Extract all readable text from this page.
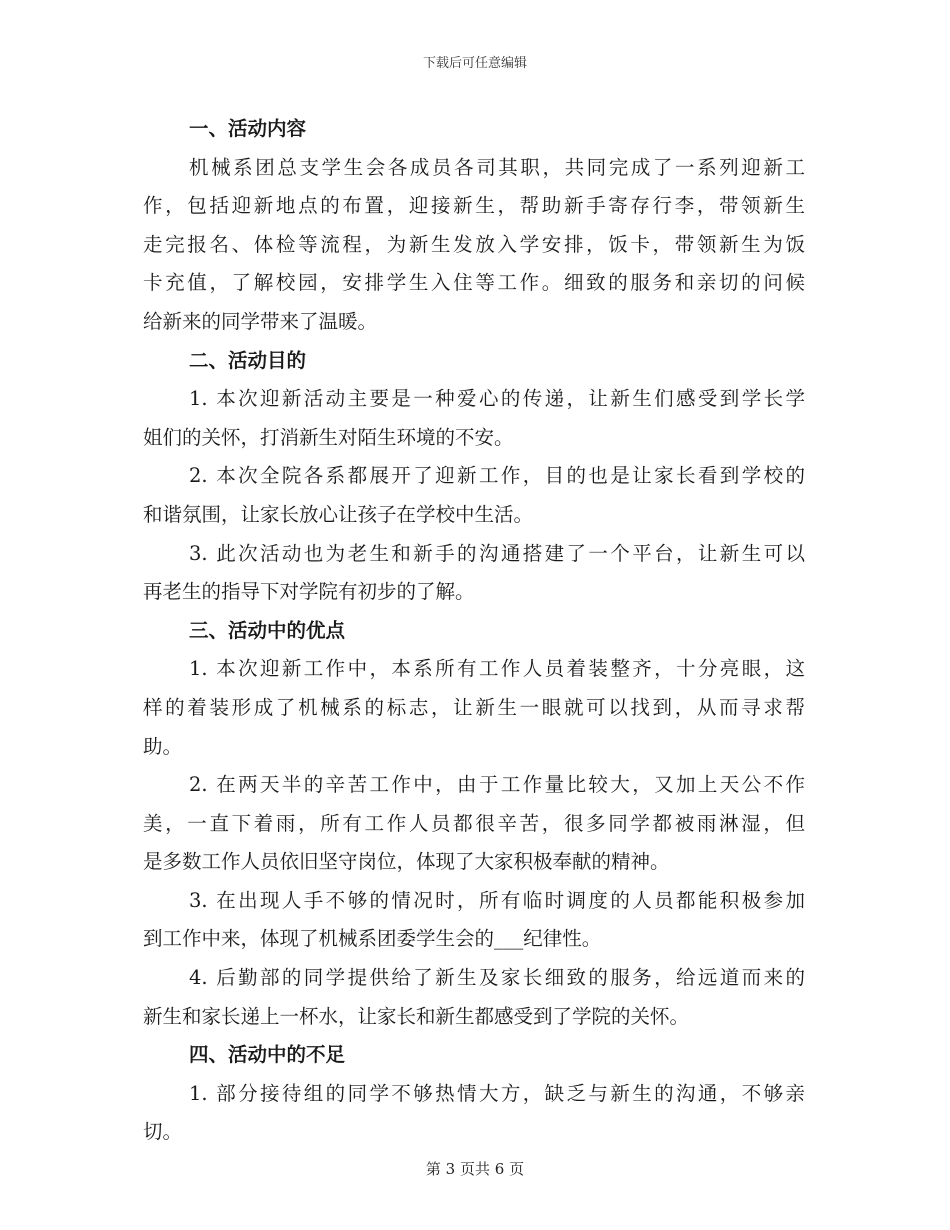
下载后可任意编辑
一、活动内容
机械系团总支学生会各成员各司其职，共同完成了一系列迎新工
作，包括迎新地点的布置，迎接新生，帮助新手寄存行李，带领新生
走完报名、体检等流程，为新生发放入学安排，饭卡，带领新生为饭
卡充值，了解校园，安排学生入住等工作。细致的服务和亲切的问候
给新来的同学带来了温暖。
二、活动目的
1. 本次迎新活动主要是一种爱心的传递，让新生们感受到学长学
姐们的关怀，打消新生对陌生环境的不安。
2. 本次全院各系都展开了迎新工作，目的也是让家长看到学校的
和谐氛围，让家长放心让孩子在学校中生活。
3. 此次活动也为老生和新手的沟通搭建了一个平台，让新生可以
再老生的指导下对学院有初步的了解。
三、活动中的优点
1. 本次迎新工作中，本系所有工作人员着装整齐，十分亮眼，这
样的着装形成了机械系的标志，让新生一眼就可以找到，从而寻求帮
助。
2. 在两天半的辛苦工作中，由于工作量比较大，又加上天公不作
美，一直下着雨，所有工作人员都很辛苦，很多同学都被雨淋湿，但
是多数工作人员依旧坚守岗位，体现了大家积极奉献的精神。
3. 在出现人手不够的情况时，所有临时调度的人员都能积极参加
到工作中来，体现了机械系团委学生会的___纪律性。
4. 后勤部的同学提供给了新生及家长细致的服务，给远道而来的
新生和家长递上一杯水，让家长和新生都感受到了学院的关怀。
四、活动中的不足
1. 部分接待组的同学不够热情大方，缺乏与新生的沟通，不够亲
切。
第 3 页共 6 页
